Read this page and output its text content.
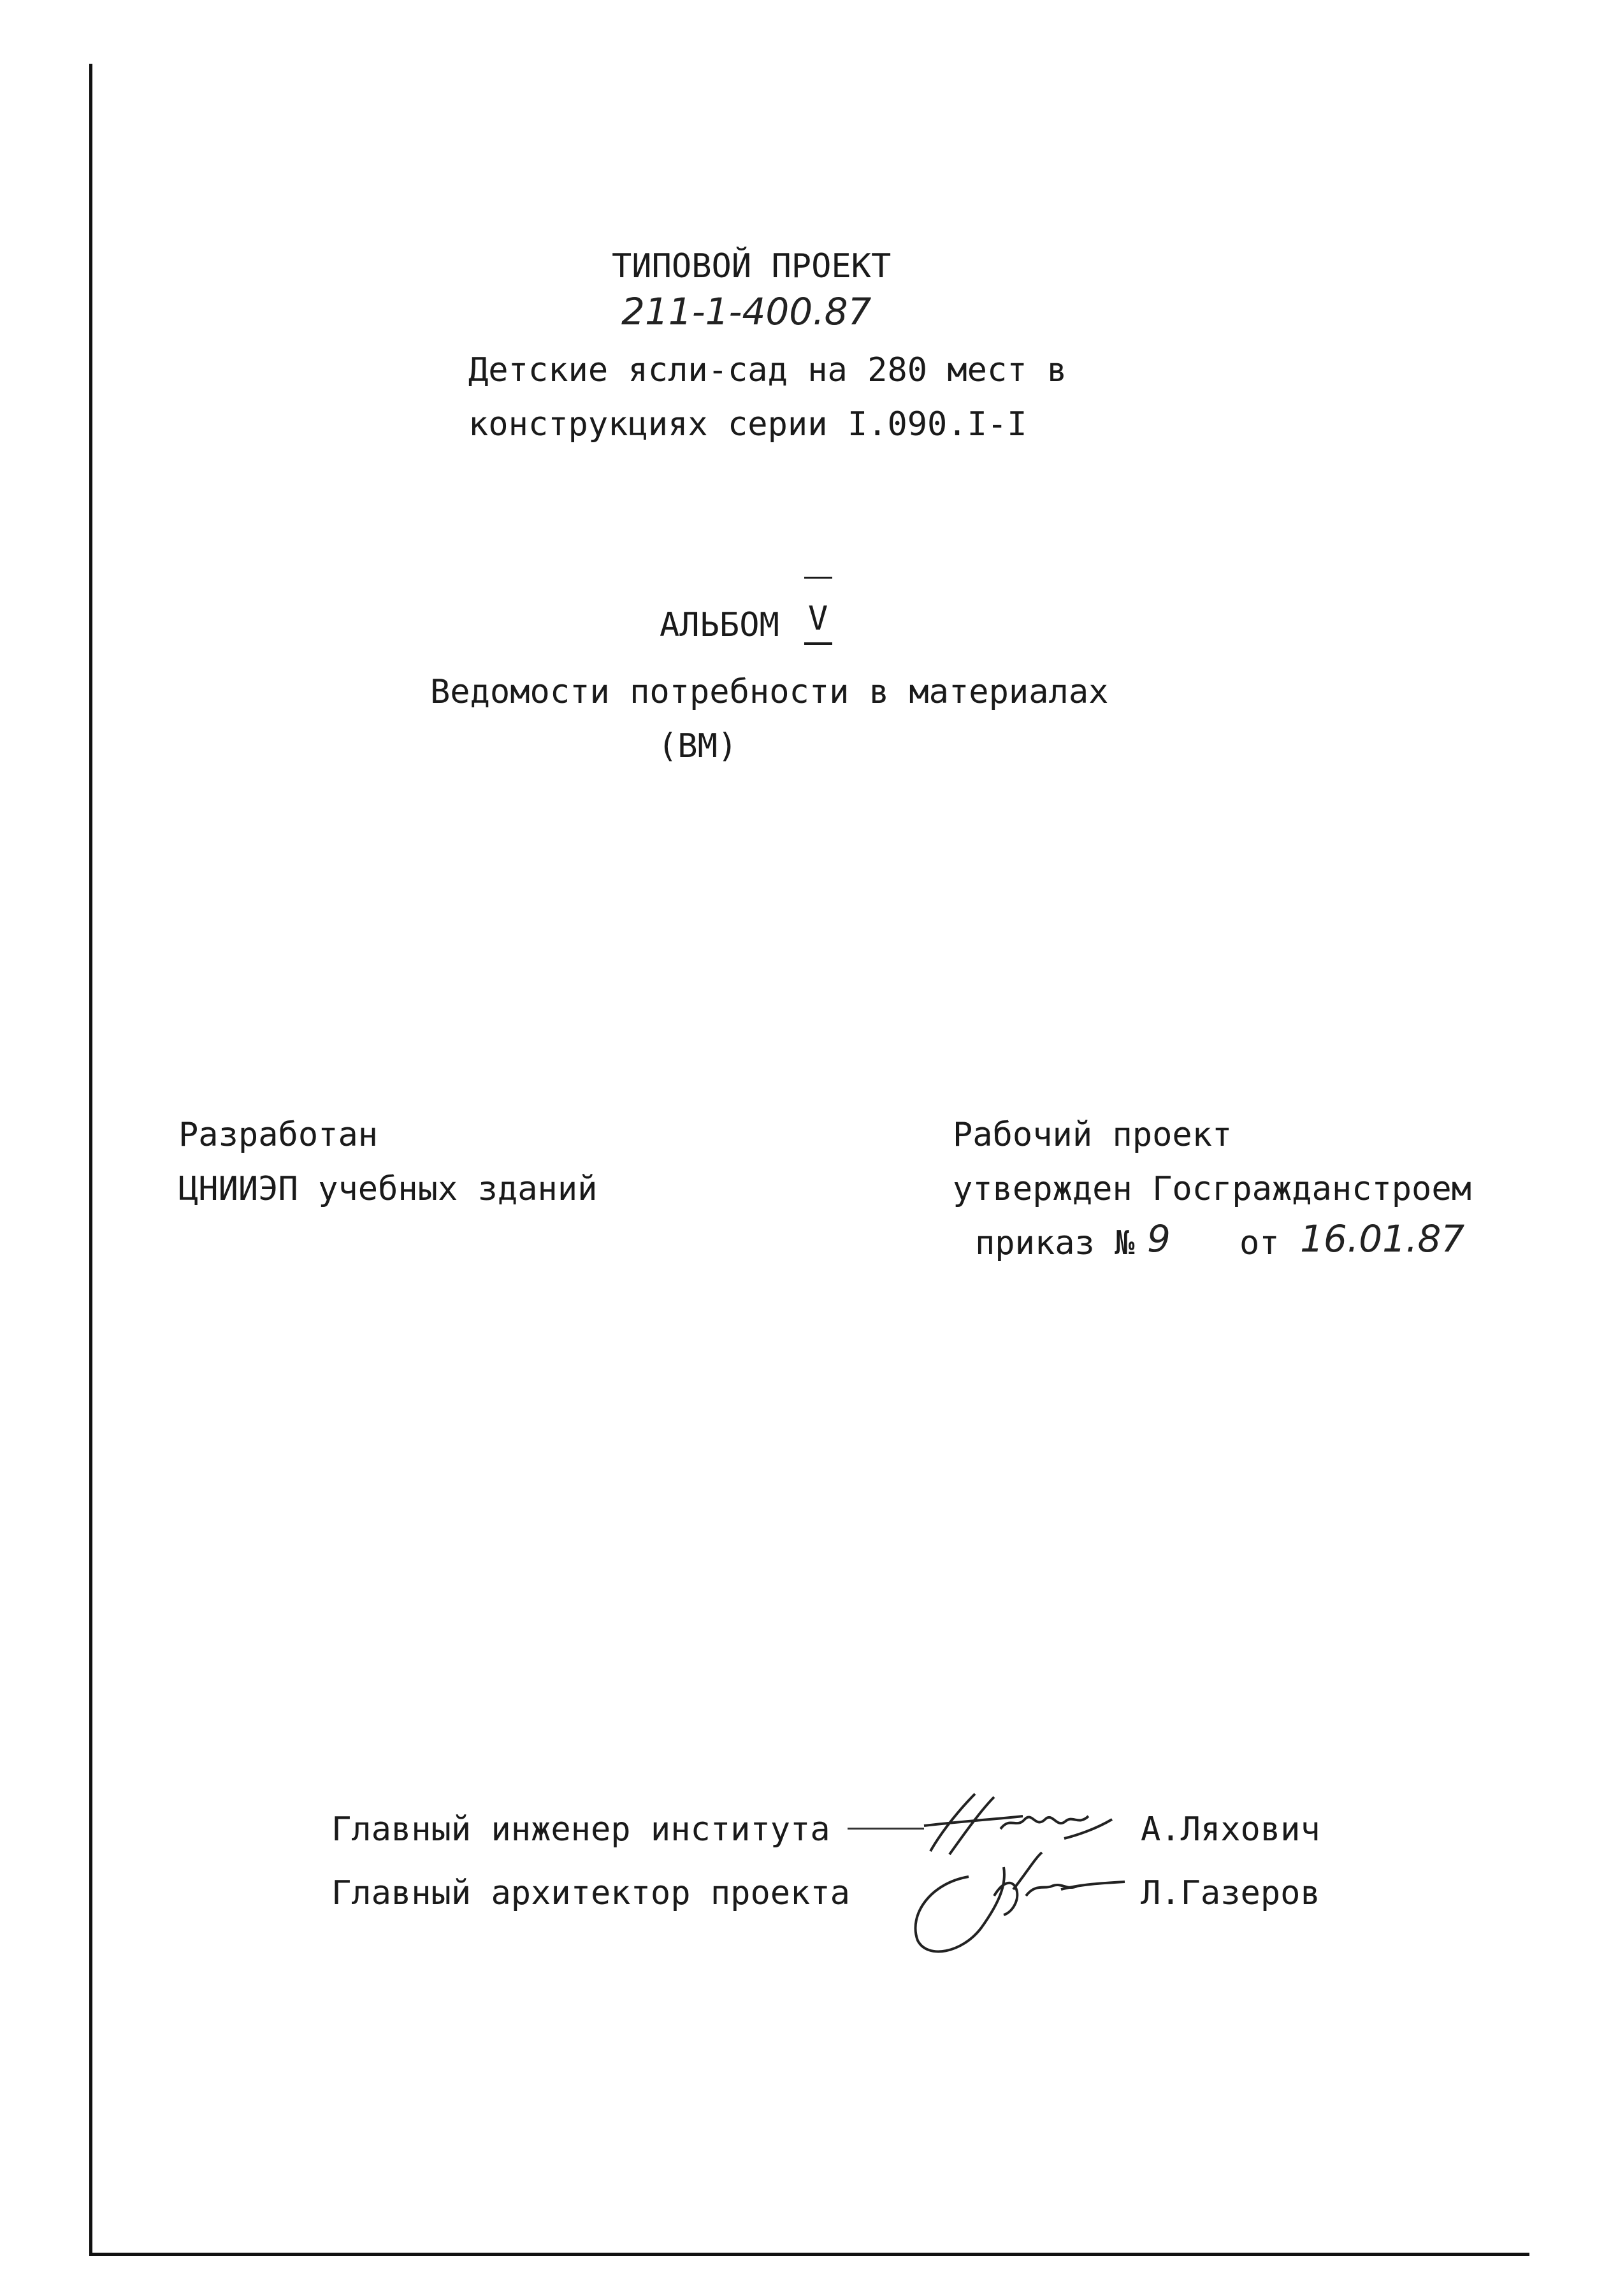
ТИПОВОЙ ПРОЕКТ
211-1-400.87
Детские ясли-сад на 280 мест в
конструкциях серии I.090.I-I
АЛЬБОМ V
Ведомости потребности в материалах
(ВМ)
Разработан
ЦНИИЭП учебных зданий
Рабочий проект
утвержден Госгражданстроем
приказ № 9 от 16.01.87
Главный инженер института	А.Ляхович
Главный архитектор проекта	Л.Газеров
